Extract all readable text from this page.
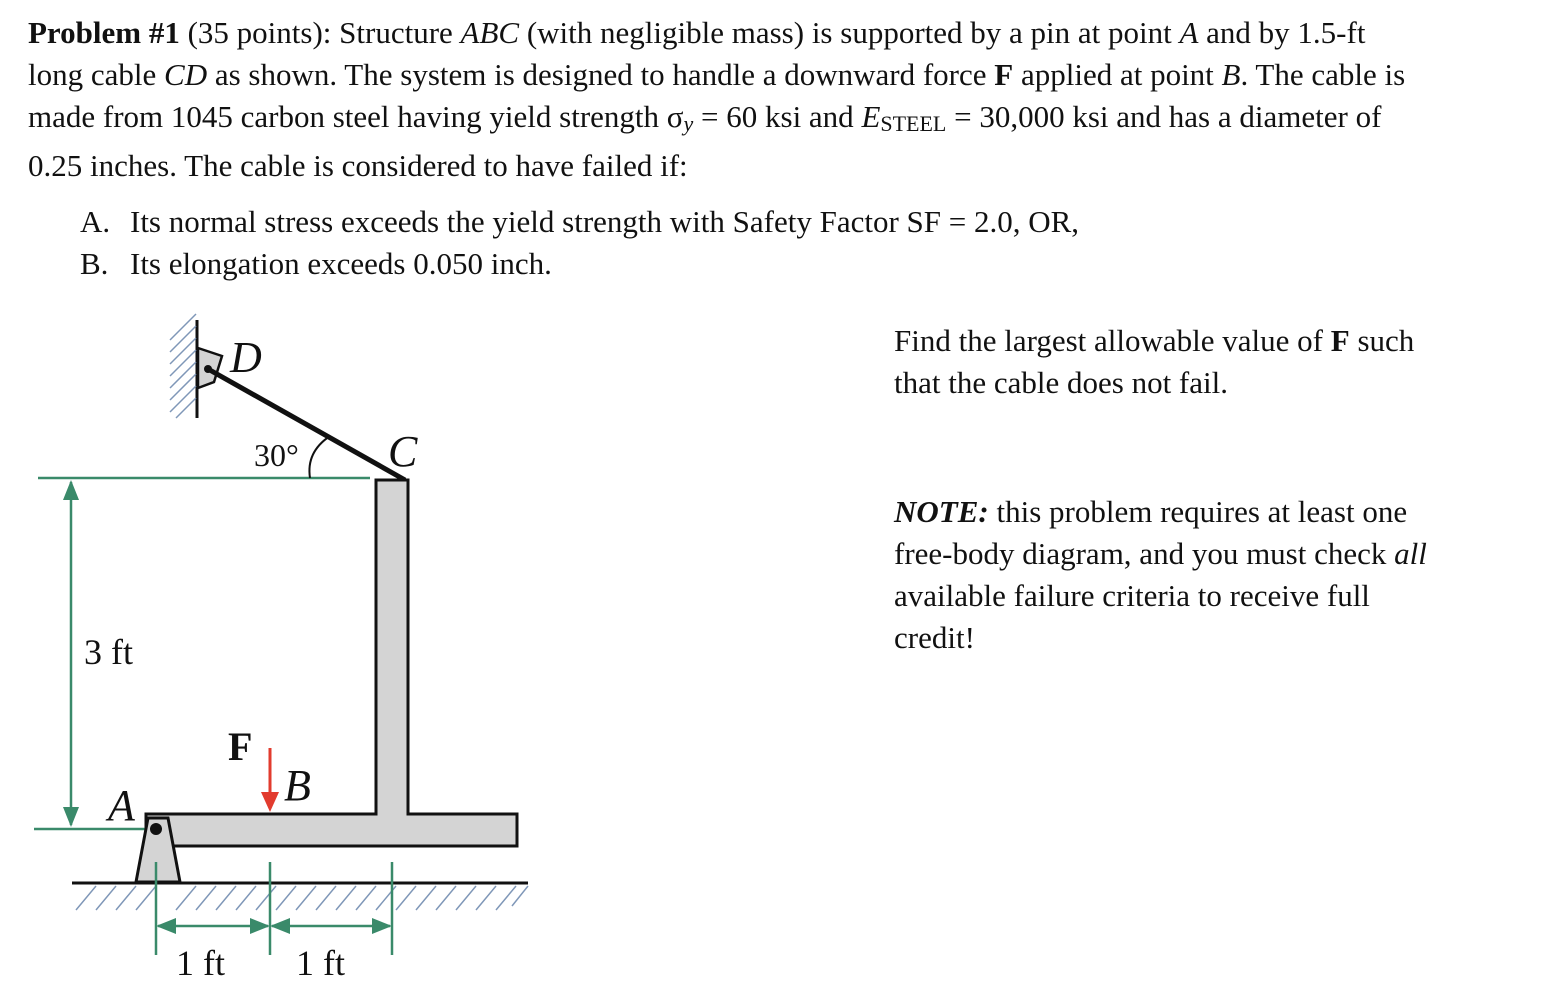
Problem #1 (35 points): Structure ABC (with negligible mass) is supported by a pin at point A and by 1.5-ft
long cable CD as shown. The system is designed to handle a downward force F applied at point B. The cable is
made from 1045 carbon steel having yield strength $\sigma_y = 60$ ksi and $E_{STEEL} = 30,000$ ksi and has a diameter of
0.25 inches. The cable is considered to have failed if:
A. Its normal stress exceeds the yield strength with Safety Factor SF = 2.0, OR,
B. Its elongation exceeds 0.050 inch.
Find the largest allowable value of F such
that the cable does not fail.
NOTE: this problem requires at least one
free-body diagram, and you must check all
available failure criteria to receive full
credit!
D
C
30°
A	B
F
3 ft
1 ft 1 ft
